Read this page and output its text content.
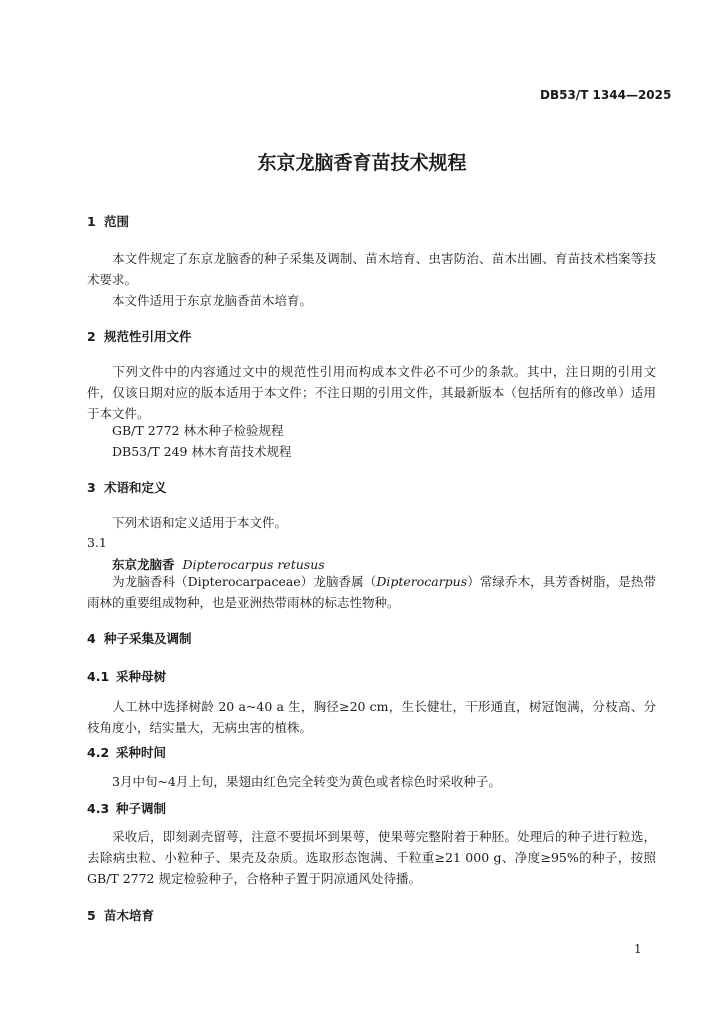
DB53/T 1344—2025
东京龙脑香育苗技术规程
1 范围
本文件规定了东京龙脑香的种子采集及调制、苗木培育、虫害防治、苗木出圃、育苗技术档案等技术要求。
本文件适用于东京龙脑香苗木培育。
2 规范性引用文件
下列文件中的内容通过文中的规范性引用而构成本文件必不可少的条款。其中，注日期的引用文件，仅该日期对应的版本适用于本文件；不注日期的引用文件，其最新版本（包括所有的修改单）适用于本文件。
GB/T 2772 林木种子检验规程
DB53/T 249 林木育苗技术规程
3 术语和定义
下列术语和定义适用于本文件。
3.1
东京龙脑香 Dipterocarpus retusus
为龙脑香科（Dipterocarpaceae）龙脑香属（Dipterocarpus）常绿乔木，具芳香树脂，是热带雨林的重要组成物种，也是亚洲热带雨林的标志性物种。
4 种子采集及调制
4.1 采种母树
人工林中选择树龄 20 a~40 a 生，胸径≥20 cm，生长健壮，干形通直，树冠饱满，分枝高、分枝角度小，结实量大，无病虫害的植株。
4.2 采种时间
3月中旬~4月上旬，果翅由红色完全转变为黄色或者棕色时采收种子。
4.3 种子调制
采收后，即刻剥壳留萼，注意不要损坏到果萼，使果萼完整附着于种胚。处理后的种子进行粒选，去除病虫粒、小粒种子、果壳及杂质。选取形态饱满、千粒重≥21 000 g、净度≥95%的种子，按照GB/T 2772 规定检验种子，合格种子置于阴凉通风处待播。
5 苗木培育
1
